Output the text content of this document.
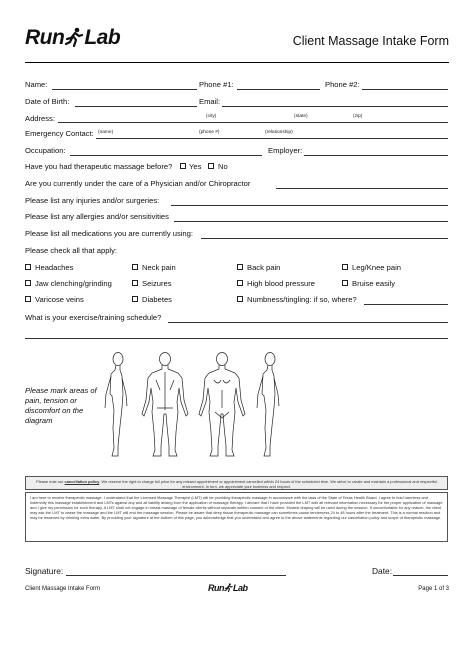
Run Lab	Client Massage Intake Form
Name:	Phone #1:	Phone #2:
Date of Birth:	Email:
Address:	(city)	(state)	(zip)
Emergency Contact: (name)	(phone #)	(relationship)
Occupation:	Employer:
Have you had therapeutic massage before? Yes No
Are you currently under the care of a Physician and/or Chiropractor
Please list any injuries and/or surgeries:
Please list any allergies and/or sensitivities
Please list all medications you are currently using:
Please check all that apply:
Headaches	Neck pain	Back pain	Leg/Knee pain
Jaw clenching/grinding	Seizures	High blood pressure	Bruise easily
Varicose veins	Diabetes	Numbness/tingling: if so, where?
What is your exercise/training schedule?
Please mark areas of pain, tension or discomfort on the diagram
Please note our cancellation policy. We reserve the right to charge full price for any missed appointment or appointment cancelled within 24 hours of the scheduled time. We strive to create and maintain a professional and respectful environment. In turn, we appreciate your business and respect.
I am here to receive therapeutic massage. I understand that the Licensed Massage Therapist (LMT) will be providing therapeutic massage in accordance with the laws of the State of Texas Health Board. I agree to hold harmless and indemnify this massage establishment and LMTs against any and all liability arising from the application of massage therapy. I declare that I have provided the LMT with all relevant information necessary for the proper application of massage and I give my permission for such therapy. A LMT shall not engage in breast massage of female clients without separate written consent of the client. Modest draping will be used during the session. If uncomfortable for any reason, the client may ask the LMT to cease the massage and the LMT will end the massage session. Please be aware that deep tissue therapeutic massage can sometimes cause tenderness 24 to 48 hours after the treatment. This is a normal reaction and may be lessened by drinking extra water. By providing your signature at the bottom of this page, you acknowledge that you understand and agree to the above statements regarding our cancellation policy and scope of therapeutic massage.
Signature:	Date:
Client Massage Intake Form	Run Lab	Page 1 of 3
